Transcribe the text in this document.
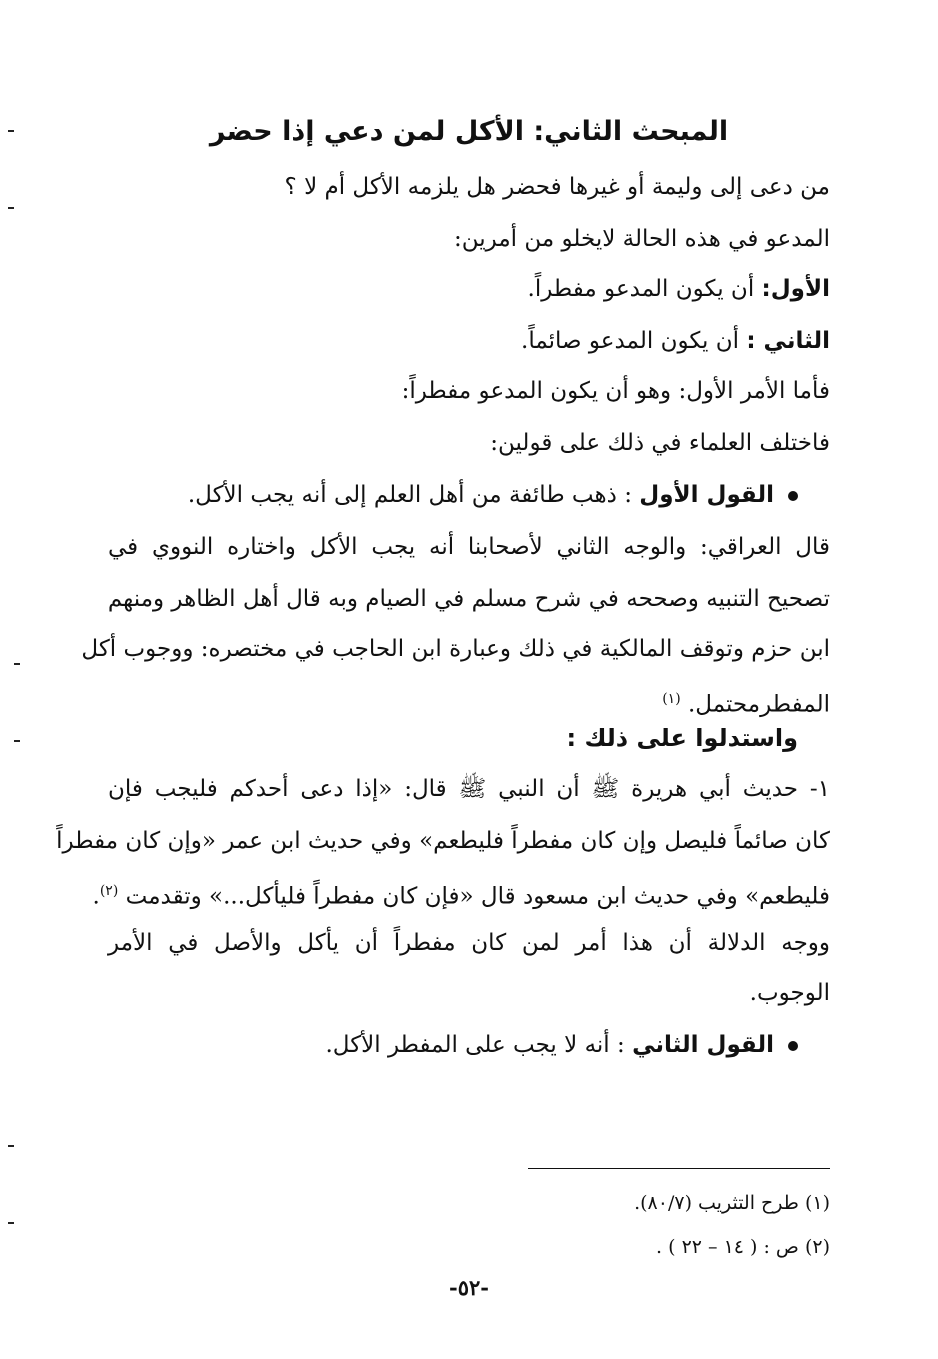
المبحث الثاني: الأكل لمن دعي إذا حضر
من دعى إلى وليمة أو غيرها فحضر هل يلزمه الأكل أم لا ؟
المدعو في هذه الحالة لايخلو من أمرين:
الأول: أن يكون المدعو مفطراً.
الثاني : أن يكون المدعو صائماً.
فأما الأمر الأول: وهو أن يكون المدعو مفطراً:
فاختلف العلماء في ذلك على قولين:
القول الأول : ذهب طائفة من أهل العلم إلى أنه يجب الأكل.
قال العراقي: والوجه الثاني لأصحابنا أنه يجب الأكل واختاره النووي في
تصحيح التنبيه وصححه في شرح مسلم في الصيام وبه قال أهل الظاهر ومنهم
ابن حزم وتوقف المالكية في ذلك وعبارة ابن الحاجب في مختصره: ووجوب أكل
المفطرمحتمل. $^{(١)}$
واستدلوا على ذلك :
١- حديث أبي هريرة ﷺ أن النبي ﷺ قال: «إذا دعى أحدكم فليجب فإن
كان صائماً فليصل وإن كان مفطراً فليطعم» وفي حديث ابن عمر «وإن كان مفطراً
فليطعم» وفي حديث ابن مسعود قال «فإن كان مفطراً فليأكل...» وتقدمت $^{(٢)}$.
ووجه الدلالة أن هذا أمر لمن كان مفطراً أن يأكل والأصل في الأمر
الوجوب.
القول الثاني : أنه لا يجب على المفطر الأكل.
(١) طرح التثريب (٨٠/٧).
(٢) ص : ( ١٤ – ٢٢ ) .
-٥٢-
